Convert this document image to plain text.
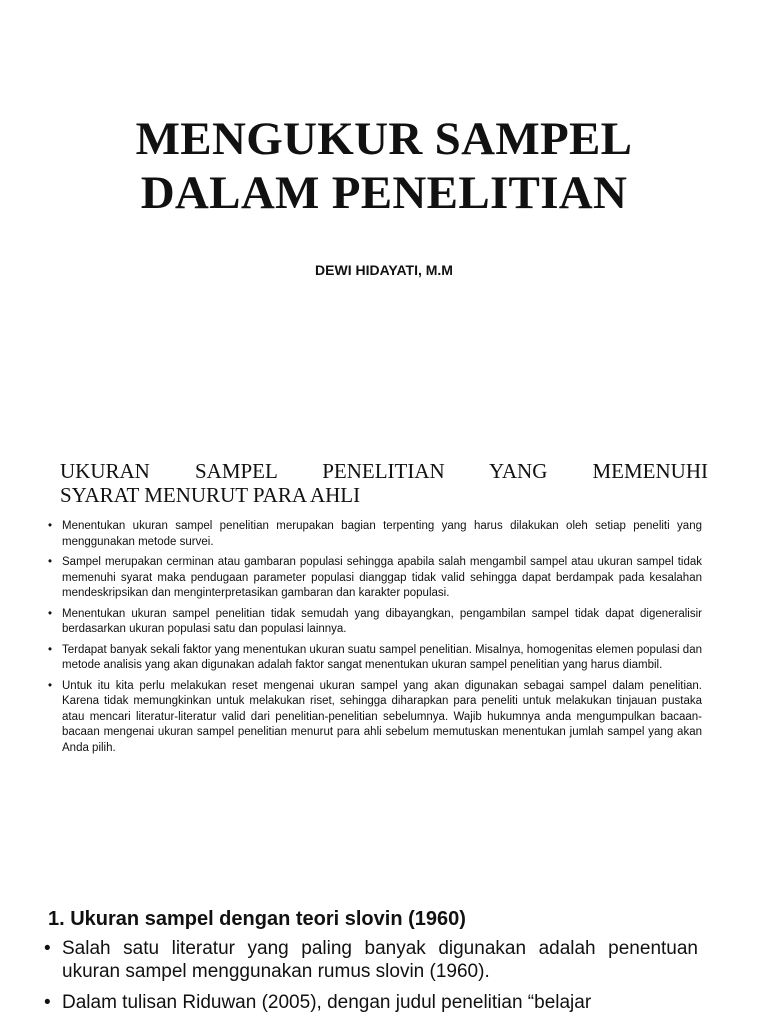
MENGUKUR SAMPEL
DALAM PENELITIAN
DEWI HIDAYATI, M.M
UKURAN SAMPEL PENELITIAN YANG MEMENUHI
SYARAT MENURUT PARA AHLI
• Menentukan ukuran sampel penelitian merupakan bagian terpenting yang harus dilakukan oleh setiap peneliti yang menggunakan metode survei.
• Sampel merupakan cerminan atau gambaran populasi sehingga apabila salah mengambil sampel atau ukuran sampel tidak memenuhi syarat maka pendugaan parameter populasi dianggap tidak valid sehingga dapat berdampak pada kesalahan mendeskripsikan dan menginterpretasikan gambaran dan karakter populasi.
• Menentukan ukuran sampel penelitian tidak semudah yang dibayangkan, pengambilan sampel tidak dapat digeneralisir berdasarkan ukuran populasi satu dan populasi lainnya.
• Terdapat banyak sekali faktor yang menentukan ukuran suatu sampel penelitian. Misalnya, homogenitas elemen populasi dan metode analisis yang akan digunakan adalah faktor sangat menentukan ukuran sampel penelitian yang harus diambil.
• Untuk itu kita perlu melakukan reset mengenai ukuran sampel yang akan digunakan sebagai sampel dalam penelitian. Karena tidak memungkinkan untuk melakukan riset, sehingga diharapkan para peneliti untuk melakukan tinjauan pustaka atau mencari literatur-literatur valid dari penelitian-penelitian sebelumnya. Wajib hukumnya anda mengumpulkan bacaan-bacaan mengenai ukuran sampel penelitian menurut para ahli sebelum memutuskan menentukan jumlah sampel yang akan Anda pilih.
1. Ukuran sampel dengan teori slovin (1960)
• Salah satu literatur yang paling banyak digunakan adalah penentuan ukuran sampel menggunakan rumus slovin (1960).
• Dalam tulisan Riduwan (2005), dengan judul penelitian “belajar
